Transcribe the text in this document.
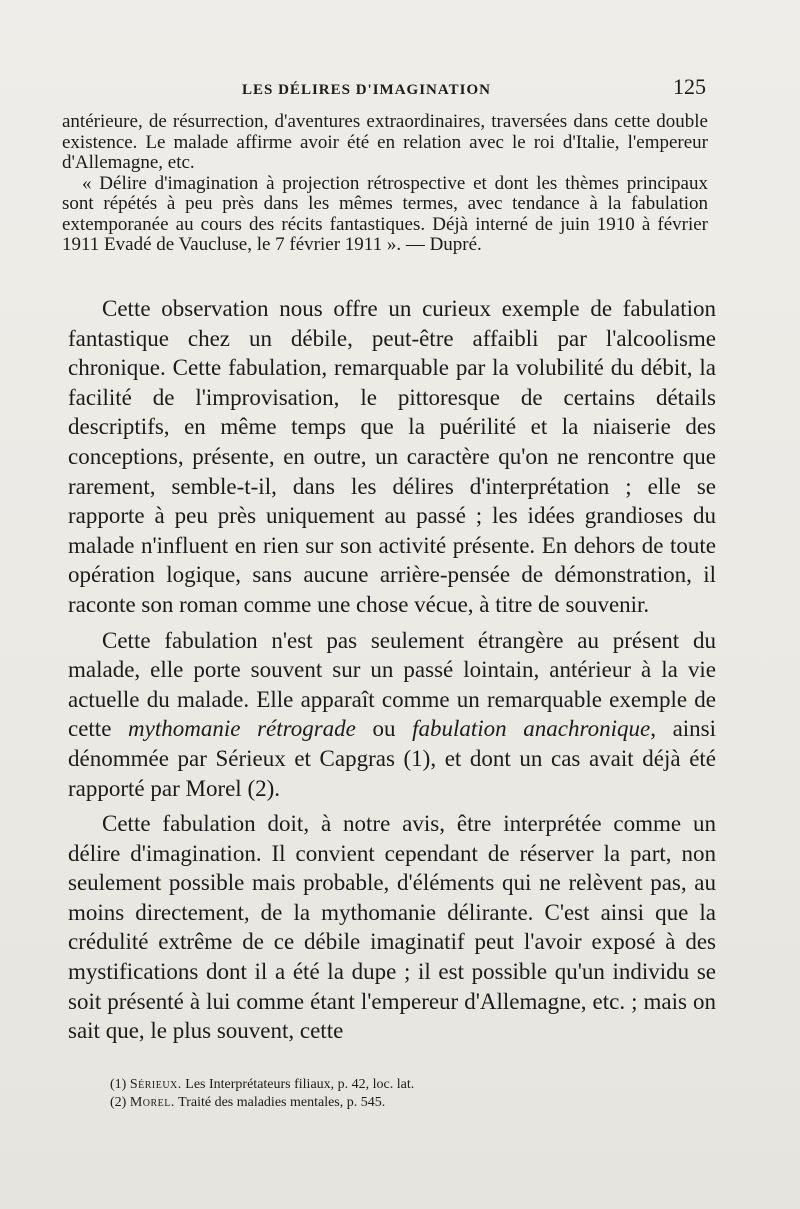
LES DÉLIRES D'IMAGINATION	125

antérieure, de résurrection, d'aventures extraordinaires, traversées dans cette double existence. Le malade affirme avoir été en relation avec le roi d'Italie, l'empereur d'Allemagne, etc.

« Délire d'imagination à projection rétrospective et dont les thèmes principaux sont répétés à peu près dans les mêmes termes, avec tendance à la fabulation extemporanée au cours des récits fantastiques. Déjà interné de juin 1910 à février 1911 Evadé de Vaucluse, le 7 février 1911 ». — Dupré.

Cette observation nous offre un curieux exemple de fabulation fantastique chez un débile, peut-être affaibli par l'alcoolisme chronique. Cette fabulation, remarquable par la volubilité du débit, la facilité de l'improvisation, le pittoresque de certains détails descriptifs, en même temps que la puérilité et la niaiserie des conceptions, présente, en outre, un caractère qu'on ne rencontre que rarement, semble-t-il, dans les délires d'interprétation ; elle se rapporte à peu près uniquement au passé ; les idées grandioses du malade n'influent en rien sur son activité présente. En dehors de toute opération logique, sans aucune arrière-pensée de démonstration, il raconte son roman comme une chose vécue, à titre de souvenir.

Cette fabulation n'est pas seulement étrangère au présent du malade, elle porte souvent sur un passé lointain, antérieur à la vie actuelle du malade. Elle apparaît comme un remarquable exemple de cette mythomanie rétrograde ou fabulation anachronique, ainsi dénommée par Sérieux et Capgras (1), et dont un cas avait déjà été rapporté par Morel (2).

Cette fabulation doit, à notre avis, être interprétée comme un délire d'imagination. Il convient cependant de réserver la part, non seulement possible mais probable, d'éléments qui ne relèvent pas, au moins directement, de la mythomanie délirante. C'est ainsi que la crédulité extrême de ce débile imaginatif peut l'avoir exposé à des mystifications dont il a été la dupe ; il est possible qu'un individu se soit présenté à lui comme étant l'empereur d'Allemagne, etc. ; mais on sait que, le plus souvent, cette

(1) Sérieux. Les Interprétateurs filiaux, p. 42, loc. lat.
(2) Morel. Traité des maladies mentales, p. 545.
